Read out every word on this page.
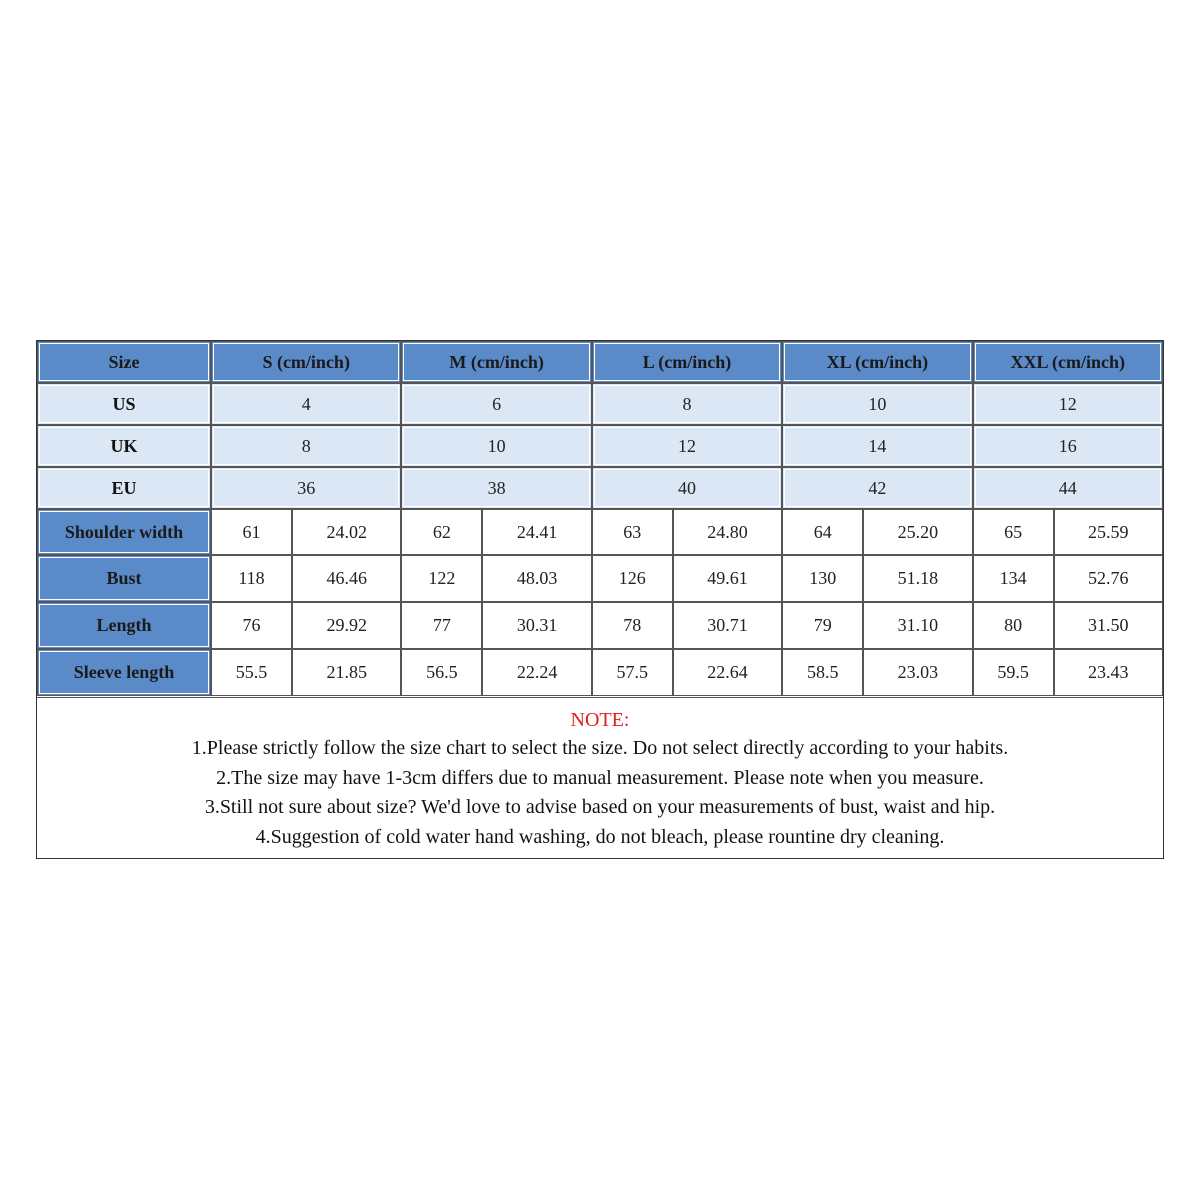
Size	S (cm/inch)	M (cm/inch)	L (cm/inch)	XL (cm/inch)	XXL (cm/inch)
US	4	6	8	10	12
UK	8	10	12	14	16
EU	36	38	40	42	44
Shoulder width	61	24.02	62	24.41	63	24.80	64	25.20	65	25.59
Bust	118	46.46	122	48.03	126	49.61	130	51.18	134	52.76
Length	76	29.92	77	30.31	78	30.71	79	31.10	80	31.50
Sleeve length	55.5	21.85	56.5	22.24	57.5	22.64	58.5	23.03	59.5	23.43

NOTE:

1.Please strictly follow the size chart to select the size. Do not select directly according to your habits.

2.The size may have 1-3cm differs due to manual measurement. Please note when you measure.

3.Still not sure about size? We'd love to advise based on your measurements of bust, waist and hip.

4.Suggestion of cold water hand washing, do not bleach, please rountine dry cleaning.
